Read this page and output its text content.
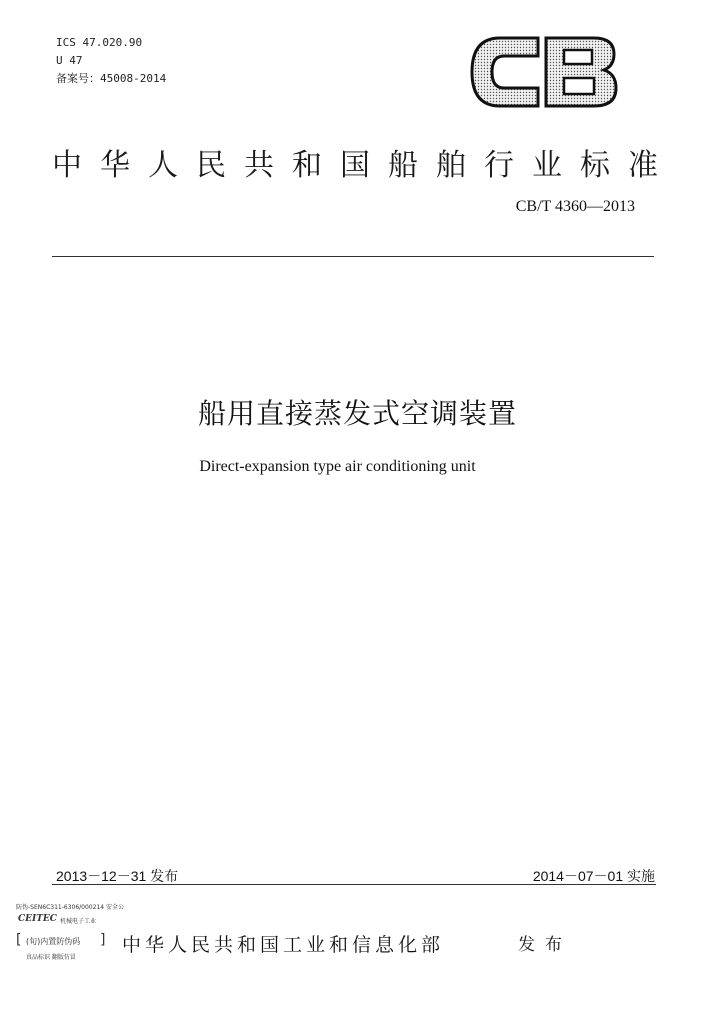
ICS 47.020.90
U 47
备案号：45008-2014
中华人民共和国船舶行业标准
CB/T 4360—2013
船用直接蒸发式空调装置
Direct-expansion type air conditioning unit
2013－12－31 发布	2014－07－01 实施
防伪-SEN6C311-6306/000214 安全公
CEITEC 机械电子工业
[ (旬)内置防伪码 ]
真品标识 翻版仿冒
中华人民共和国工业和信息化部	发布
